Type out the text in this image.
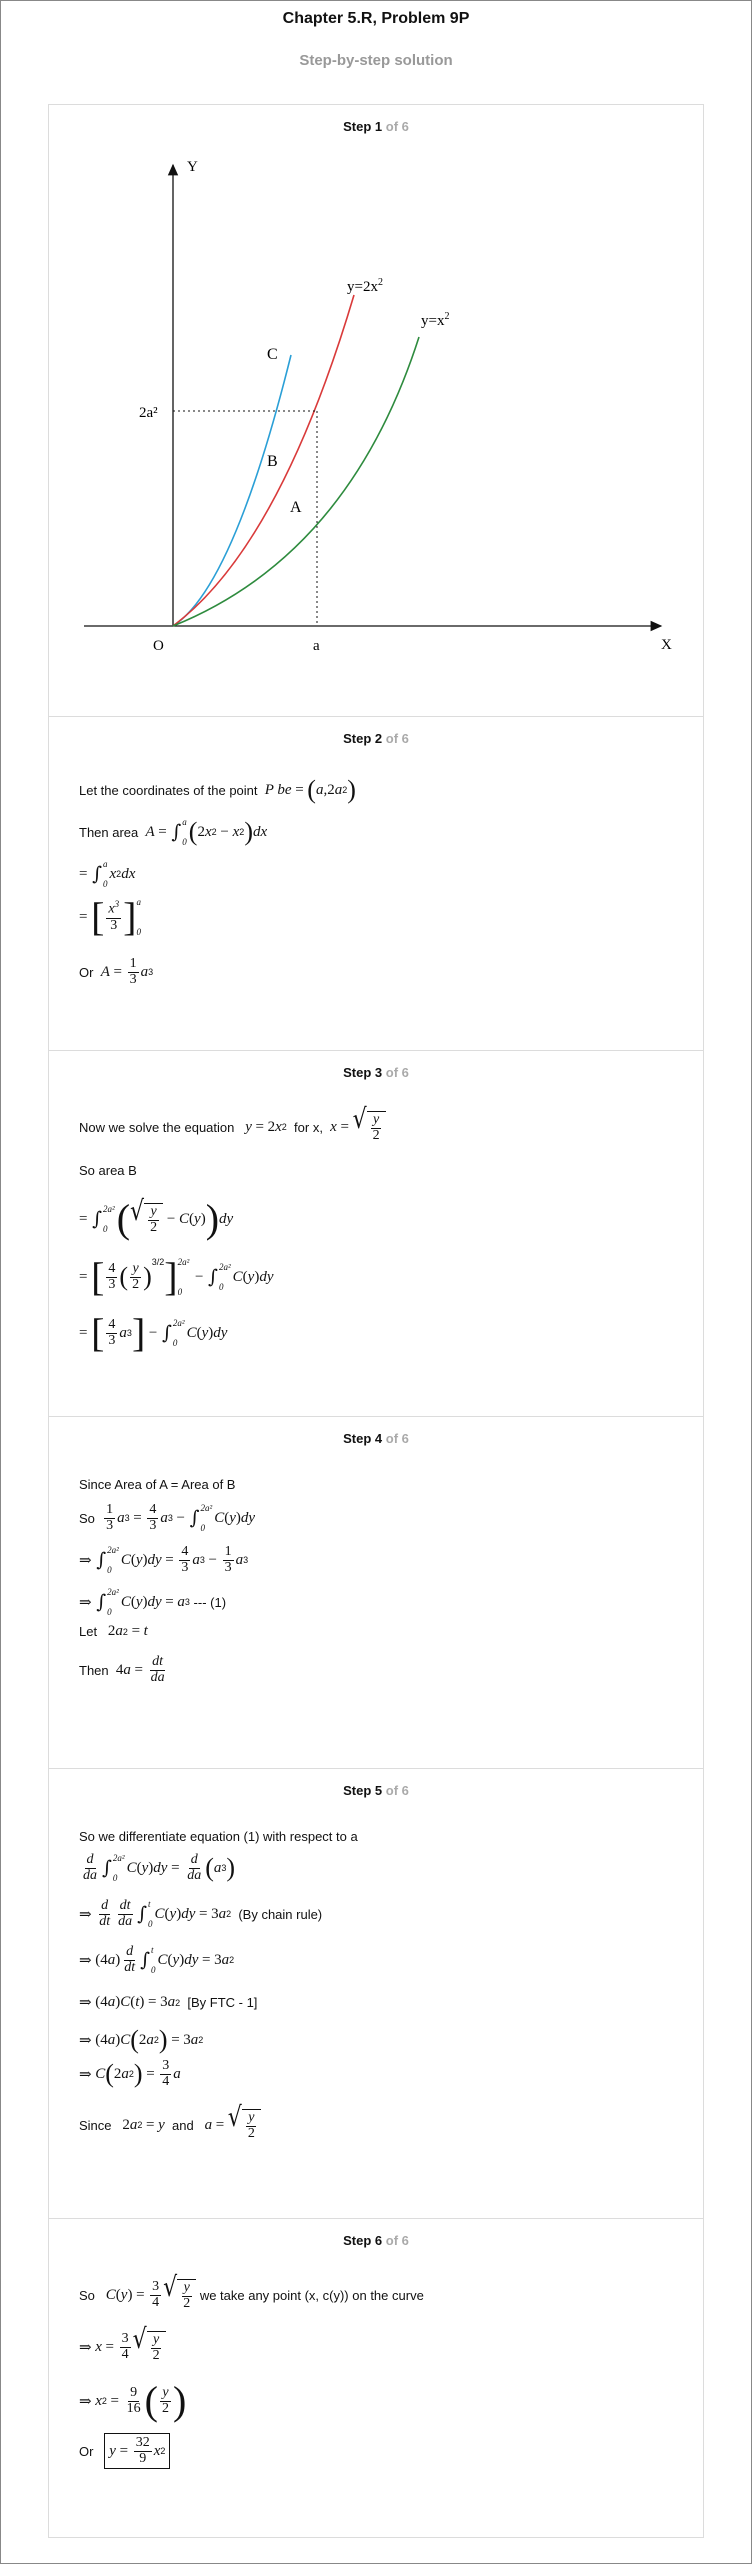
Chapter 5.R, Problem 9P
Step-by-step solution
Step 1 of 6
Y
X
O	a
2a²
$y=2x^2$
$y=x^2$
C
B
A
Step 2 of 6
Let the coordinates of the point
P be
=
( a ,2 a 2 )
Then area
A
=
∫ a
0 ( 2 x 2 − x 2 ) dx
=
∫ a
0
x 2 dx
=
[ $\frac{x^3}{3}$ ] a
0
Or
A
=
$\frac{1}{3}$ a 3
Step 3 of 6
Now we solve the equation
y
=
2 x 2
for x,
x
=
√ $\frac{y}{2}$
So area B
=
∫ 2a²
0 ( √ $\frac{y}{2} - C$ ( y ) ) dy
=
[ $\frac{4}{3}$ ( $\frac{y}{2} )^{3/2}$ ] 2a²
0

−
∫ 2a²
0
C ( y ) dy
=
[ $\frac{4}{3}$ a 3 ]
−
∫ 2a²
0
C ( y ) dy
Step 4 of 6
Since Area of A = Area of B
So
$\frac{1}{3}$ a 3
=
$\frac{4}{3}$ a 3
−
∫ 2a²
0
C ( y ) dy
⇒
∫ 2a²
0
C ( y ) dy
=
$\frac{4}{3}$ a 3
−
$\frac{1}{3}$ a 3
⇒
∫ 2a²
0
C ( y ) dy
=
a 3
--- (1)
Let
2 a 2
=
t
Then
4 a
=
$\frac{dt}{da}$
Step 5 of 6
So we differentiate equation (1) with respect to a
$\frac{d}{da}$ ∫ 2a²
0
C ( y ) dy
=
$\frac{d}{da}$ ( a 3 )
⇒
$\frac{d}{dt} \frac{dt}{da}$ ∫ t
0
C ( y ) dy
=
3 a 2
(By chain rule)
⇒
(4 a ) $\frac{d}{dt}$ ∫ t
0
C ( y ) dy
=
3 a 2
⇒
(4 a ) C ( t )
=
3 a 2
[By FTC - 1]
⇒
(4 a ) C ( 2 a 2 )
=
3 a 2
⇒
C ( 2 a 2 )
=
$\frac{3}{4}$ a
Since
2 a 2
=
y
and
a
=
√ $\frac{y}{2}$
Step 6 of 6
So
C ( y )
=
$\frac{3}{4}$ √ $\frac{y}{2}$
we take any point (x, c(y)) on the curve
⇒
x
=
$\frac{3}{4}$ √ $\frac{y}{2}$
⇒
x 2
=
$\frac{9}{16}$ ( $\frac{y}{2}$ )
Or
y
=
$\frac{32}{9}$ x 2
